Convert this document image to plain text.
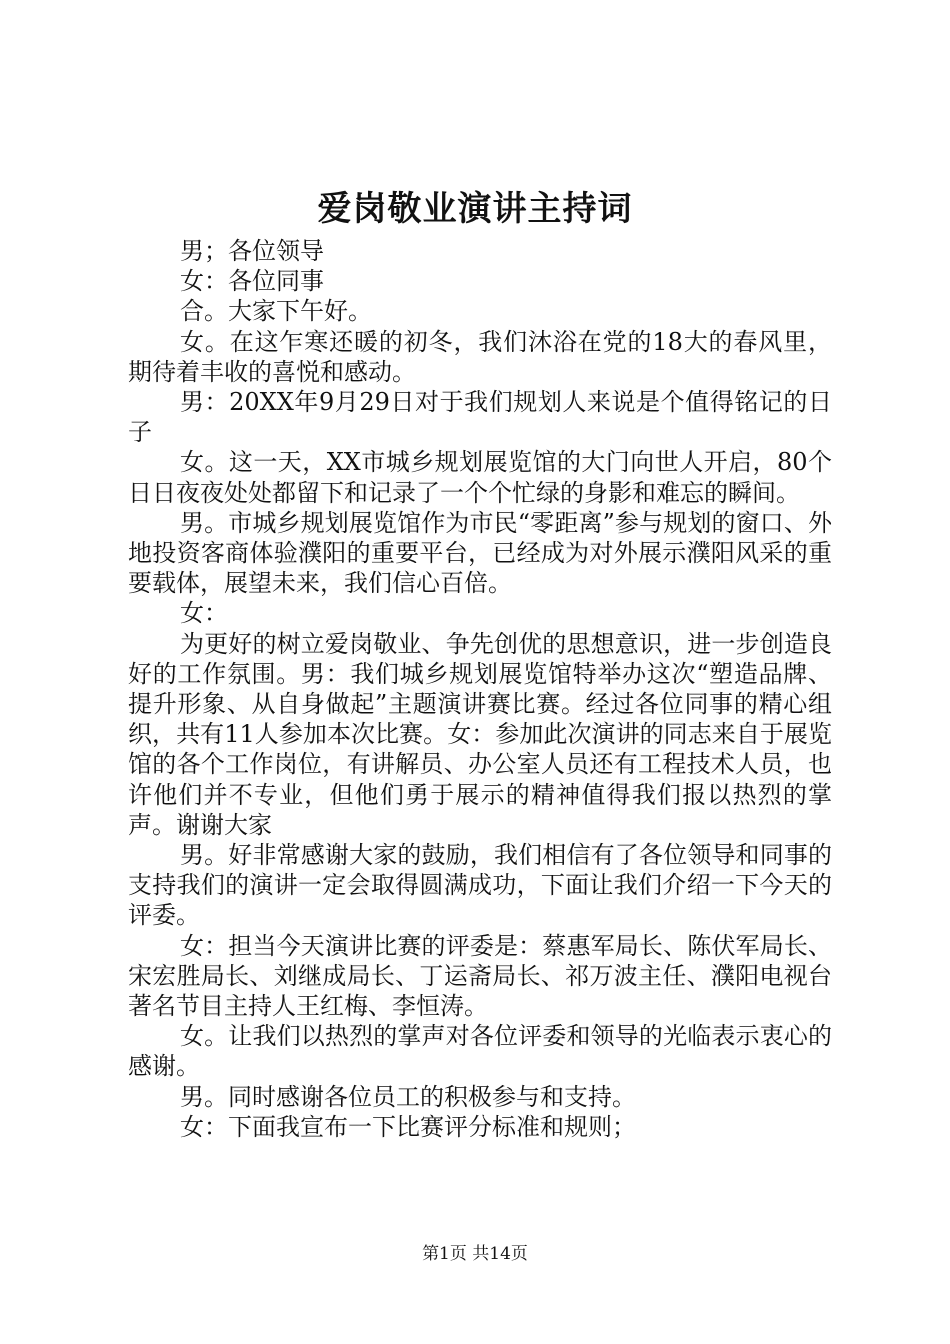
爱岗敬业演讲主持词

男；各位领导

女：各位同事

合。大家下午好。

女。在这乍寒还暖的初冬，我们沐浴在党的18大的春风里，期待着丰收的喜悦和感动。

男：20XX年9月29日对于我们规划人来说是个值得铭记的日子

女。这一天，XX市城乡规划展览馆的大门向世人开启，80个日日夜夜处处都留下和记录了一个个忙绿的身影和难忘的瞬间。

男。市城乡规划展览馆作为市民“零距离”参与规划的窗口、外地投资客商体验濮阳的重要平台，已经成为对外展示濮阳风采的重要载体，展望未来，我们信心百倍。

女：

为更好的树立爱岗敬业、争先创优的思想意识，进一步创造良好的工作氛围。男：我们城乡规划展览馆特举办这次“塑造品牌、提升形象、从自身做起”主题演讲赛比赛。经过各位同事的精心组织，共有11人参加本次比赛。女：参加此次演讲的同志来自于展览馆的各个工作岗位，有讲解员、办公室人员还有工程技术人员，也许他们并不专业，但他们勇于展示的精神值得我们报以热烈的掌声。谢谢大家

男。好非常感谢大家的鼓励，我们相信有了各位领导和同事的支持我们的演讲一定会取得圆满成功，下面让我们介绍一下今天的评委。

女：担当今天演讲比赛的评委是：蔡惠军局长、陈伏军局长、宋宏胜局长、刘继成局长、丁运斋局长、祁万波主任、濮阳电视台著名节目主持人王红梅、李恒涛。

女。让我们以热烈的掌声对各位评委和领导的光临表示衷心的感谢。

男。同时感谢各位员工的积极参与和支持。

女：下面我宣布一下比赛评分标准和规则；

第1页 共14页
